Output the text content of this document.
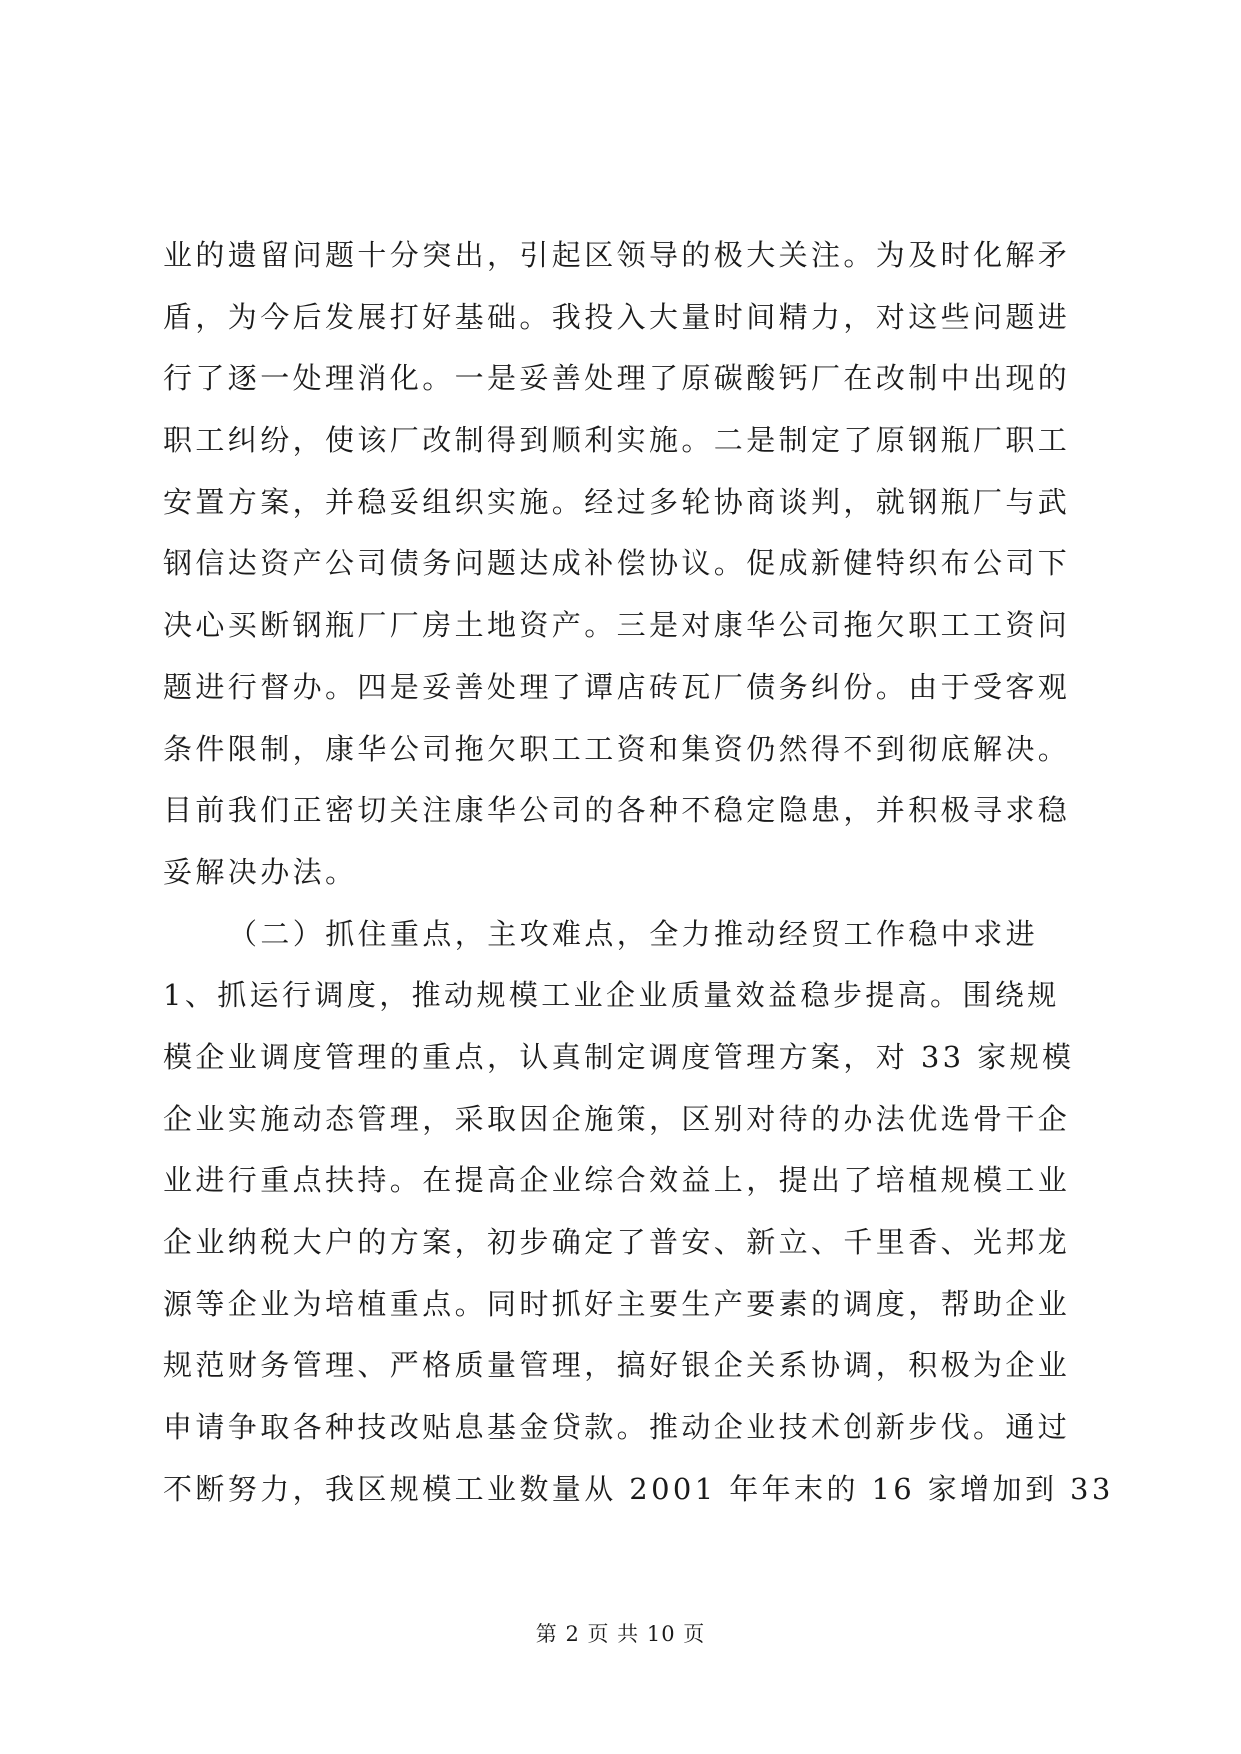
业的遗留问题十分突出，引起区领导的极大关注。为及时化解矛
盾，为今后发展打好基础。我投入大量时间精力，对这些问题进
行了逐一处理消化。一是妥善处理了原碳酸钙厂在改制中出现的
职工纠纷，使该厂改制得到顺利实施。二是制定了原钢瓶厂职工
安置方案，并稳妥组织实施。经过多轮协商谈判，就钢瓶厂与武
钢信达资产公司债务问题达成补偿协议。促成新健特织布公司下
决心买断钢瓶厂厂房土地资产。三是对康华公司拖欠职工工资问
题进行督办。四是妥善处理了谭店砖瓦厂债务纠份。由于受客观
条件限制，康华公司拖欠职工工资和集资仍然得不到彻底解决。
目前我们正密切关注康华公司的各种不稳定隐患，并积极寻求稳
妥解决办法。
（二）抓住重点，主攻难点，全力推动经贸工作稳中求进
1、抓运行调度，推动规模工业企业质量效益稳步提高。围绕规
模企业调度管理的重点，认真制定调度管理方案，对 33 家规模
企业实施动态管理，采取因企施策，区别对待的办法优选骨干企
业进行重点扶持。在提高企业综合效益上，提出了培植规模工业
企业纳税大户的方案，初步确定了普安、新立、千里香、光邦龙
源等企业为培植重点。同时抓好主要生产要素的调度，帮助企业
规范财务管理、严格质量管理，搞好银企关系协调，积极为企业
申请争取各种技改贴息基金贷款。推动企业技术创新步伐。通过
不断努力，我区规模工业数量从 2001 年年末的 16 家增加到 33
第 2 页 共 10 页
